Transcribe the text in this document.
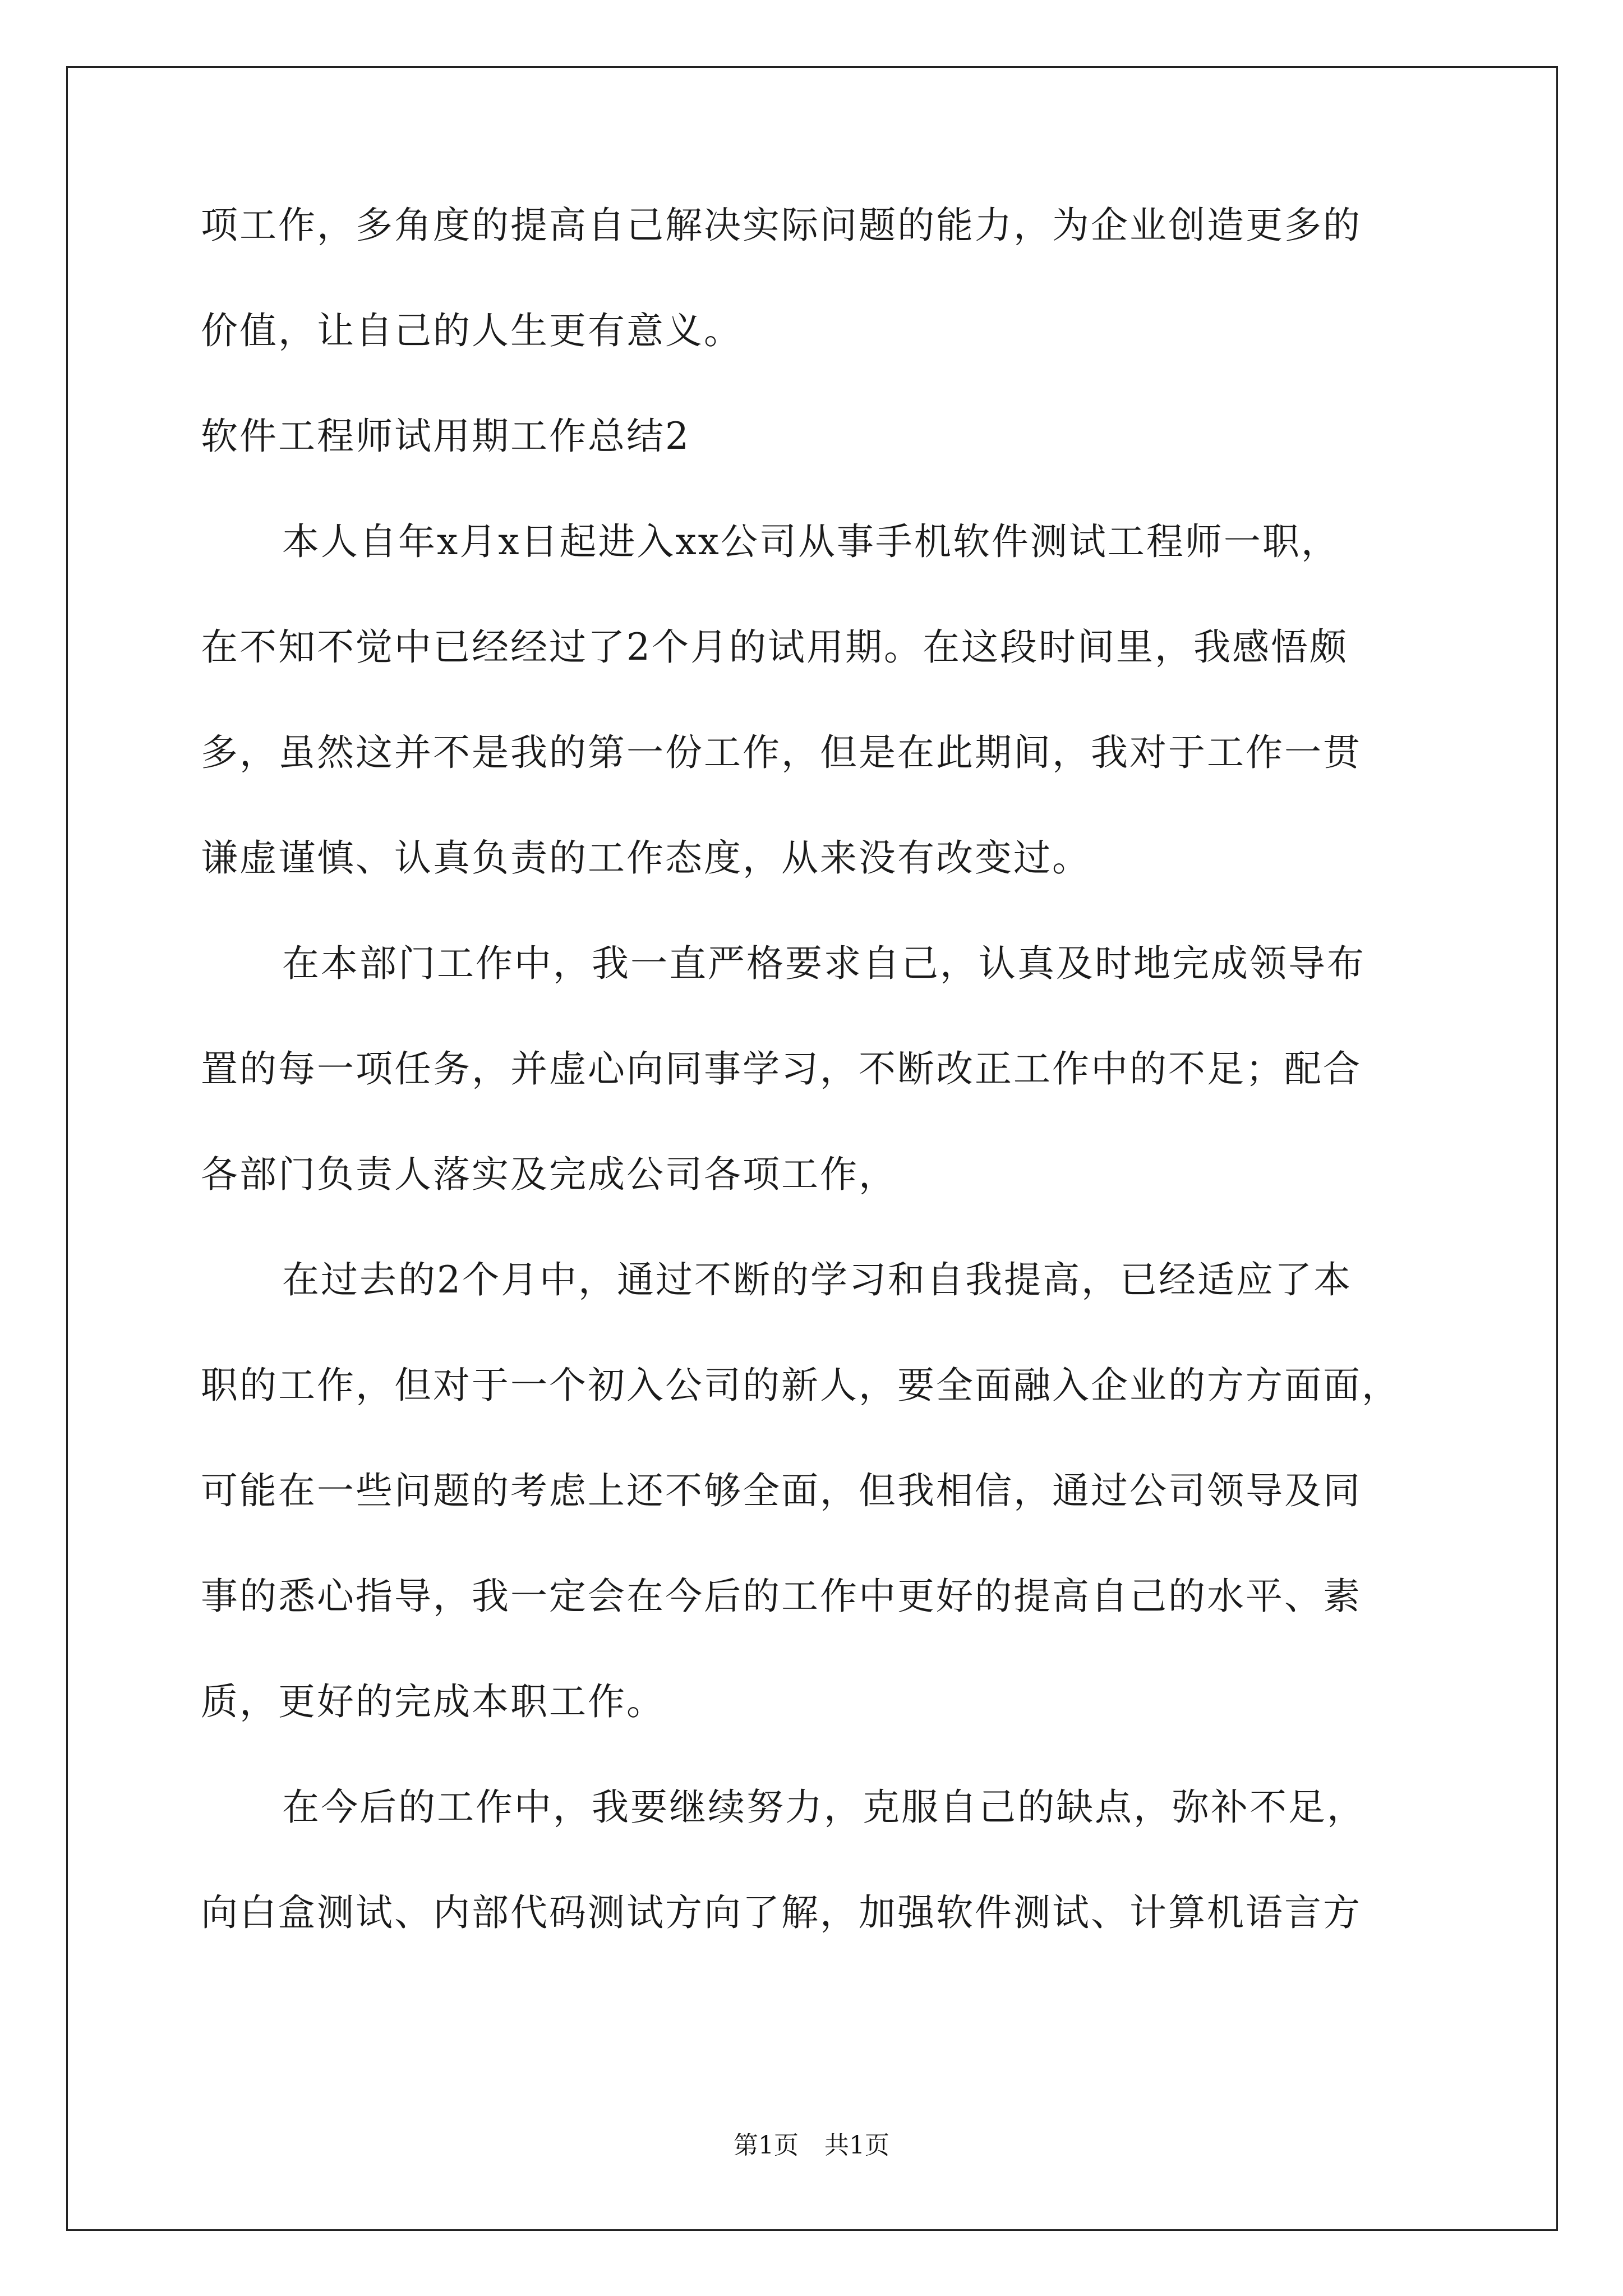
项工作，多角度的提高自己解决实际问题的能力，为企业创造更多的
价值，让自己的人生更有意义。
软件工程师试用期工作总结2
本人自年x月x日起进入xx公司从事手机软件测试工程师一职，
在不知不觉中已经经过了2个月的试用期。在这段时间里，我感悟颇
多，虽然这并不是我的第一份工作，但是在此期间，我对于工作一贯
谦虚谨慎、认真负责的工作态度，从来没有改变过。
在本部门工作中，我一直严格要求自己，认真及时地完成领导布
置的每一项任务，并虚心向同事学习，不断改正工作中的不足；配合
各部门负责人落实及完成公司各项工作，
在过去的2个月中，通过不断的学习和自我提高，已经适应了本
职的工作，但对于一个初入公司的新人，要全面融入企业的方方面面，
可能在一些问题的考虑上还不够全面，但我相信，通过公司领导及同
事的悉心指导，我一定会在今后的工作中更好的提高自己的水平、素
质，更好的完成本职工作。
在今后的工作中，我要继续努力，克服自己的缺点，弥补不足，
向白盒测试、内部代码测试方向了解，加强软件测试、计算机语言方
第1页 共1页
